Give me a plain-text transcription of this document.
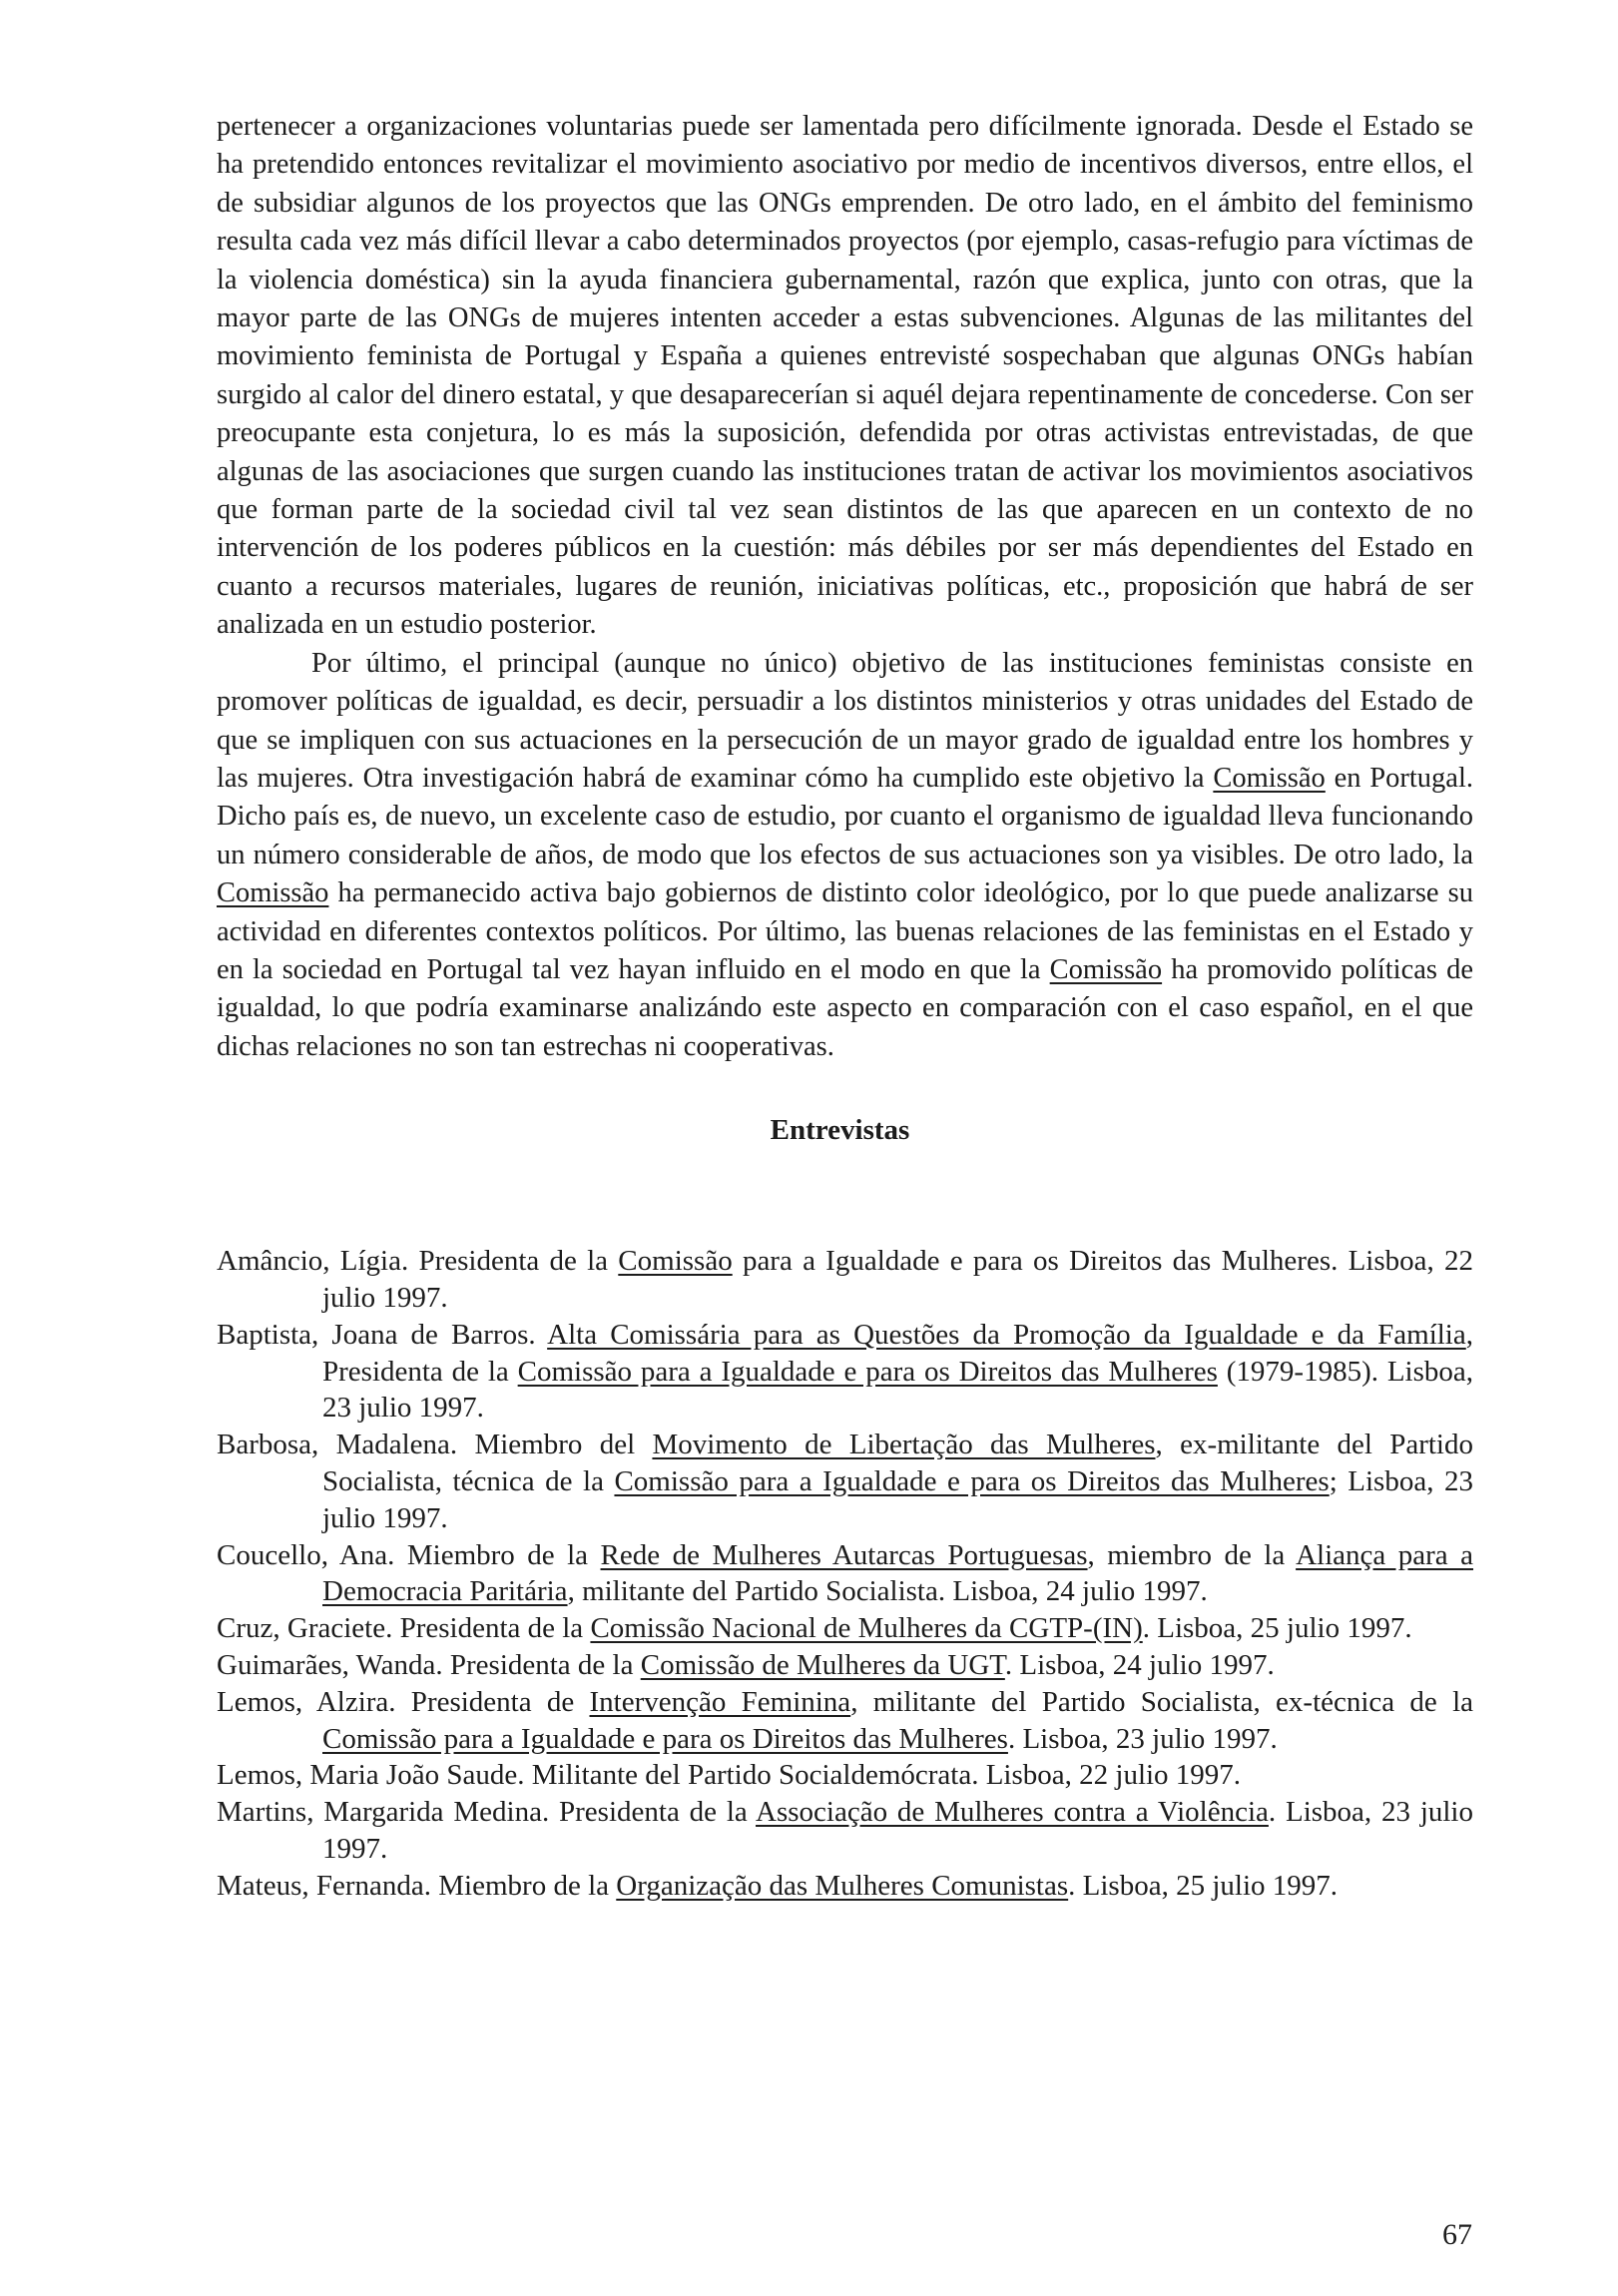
pertenecer a organizaciones voluntarias puede ser lamentada pero difícilmente ignorada. Desde el Estado se ha pretendido entonces revitalizar el movimiento asociativo por medio de incentivos diversos, entre ellos, el de subsidiar algunos de los proyectos que las ONGs emprenden. De otro lado, en el ámbito del feminismo resulta cada vez más difícil llevar a cabo determinados proyectos (por ejemplo, casas-refugio para víctimas de la violencia doméstica) sin la ayuda financiera gubernamental, razón que explica, junto con otras, que la mayor parte de las ONGs de mujeres intenten acceder a estas subvenciones. Algunas de las militantes del movimiento feminista de Portugal y España a quienes entrevisté sospechaban que algunas ONGs habían surgido al calor del dinero estatal, y que desaparecerían si aquél dejara repentinamente de concederse. Con ser preocupante esta conjetura, lo es más la suposición, defendida por otras activistas entrevistadas, de que algunas de las asociaciones que surgen cuando las instituciones tratan de activar los movimientos asociativos que forman parte de la sociedad civil tal vez sean distintos de las que aparecen en un contexto de no intervención de los poderes públicos en la cuestión: más débiles por ser más dependientes del Estado en cuanto a recursos materiales, lugares de reunión, iniciativas políticas, etc., proposición que habrá de ser analizada en un estudio posterior.

Por último, el principal (aunque no único) objetivo de las instituciones feministas consiste en promover políticas de igualdad, es decir, persuadir a los distintos ministerios y otras unidades del Estado de que se impliquen con sus actuaciones en la persecución de un mayor grado de igualdad entre los hombres y las mujeres. Otra investigación habrá de examinar cómo ha cumplido este objetivo la Comissão en Portugal. Dicho país es, de nuevo, un excelente caso de estudio, por cuanto el organismo de igualdad lleva funcionando un número considerable de años, de modo que los efectos de sus actuaciones son ya visibles. De otro lado, la Comissão ha permanecido activa bajo gobiernos de distinto color ideológico, por lo que puede analizarse su actividad en diferentes contextos políticos. Por último, las buenas relaciones de las feministas en el Estado y en la sociedad en Portugal tal vez hayan influido en el modo en que la Comissão ha promovido políticas de igualdad, lo que podría examinarse analizándo este aspecto en comparación con el caso español, en el que dichas relaciones no son tan estrechas ni cooperativas.

Entrevistas

Amâncio, Lígia. Presidenta de la Comissão para a Igualdade e para os Direitos das Mulheres. Lisboa, 22 julio 1997.

Baptista, Joana de Barros. Alta Comissária para as Questões da Promoção da Igualdade e da Família, Presidenta de la Comissão para a Igualdade e para os Direitos das Mulheres (1979-1985). Lisboa, 23 julio 1997.

Barbosa, Madalena. Miembro del Movimento de Libertação das Mulheres, ex-militante del Partido Socialista, técnica de la Comissão para a Igualdade e para os Direitos das Mulheres; Lisboa, 23 julio 1997.

Coucello, Ana. Miembro de la Rede de Mulheres Autarcas Portuguesas, miembro de la Aliança para a Democracia Paritária, militante del Partido Socialista. Lisboa, 24 julio 1997.

Cruz, Graciete. Presidenta de la Comissão Nacional de Mulheres da CGTP-(IN). Lisboa, 25 julio 1997.

Guimarães, Wanda. Presidenta de la Comissão de Mulheres da UGT. Lisboa, 24 julio 1997.

Lemos, Alzira. Presidenta de Intervenção Feminina, militante del Partido Socialista, ex-técnica de la Comissão para a Igualdade e para os Direitos das Mulheres. Lisboa, 23 julio 1997.

Lemos, Maria João Saude. Militante del Partido Socialdemócrata. Lisboa, 22 julio 1997.

Martins, Margarida Medina. Presidenta de la Associação de Mulheres contra a Violência. Lisboa, 23 julio 1997.

Mateus, Fernanda. Miembro de la Organização das Mulheres Comunistas. Lisboa, 25 julio 1997.

67
